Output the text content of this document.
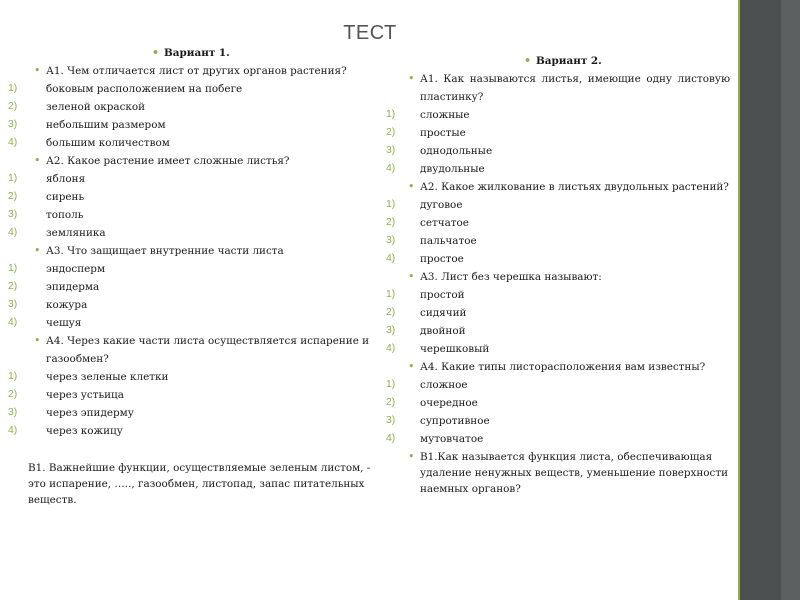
ТЕСТ
• Вариант 1.
• А1. Чем отличается лист от других органов растения?
1)	боковым расположением на побеге
2)	зеленой окраской
3)	небольшим размером
4)	большим количеством
• А2. Какое растение имеет сложные листья?
1)	яблоня
2)	сирень
3)	тополь
4)	земляника
• А3. Что защищает внутренние части листа
1)	эндосперм
2)	эпидерма
3)	кожура
4)	чешуя
• А4. Через какие части листа осуществляется испарение и газообмен?
1)	через зеленые клетки
2)	через устьица
3)	через эпидерму
4)	через кожицу
В1. Важнейшие функции, осуществляемые зеленым листом, - это испарение, ….., газообмен, листопад, запас питательных веществ.
• Вариант 2.
• А1. Как называются листья, имеющие одну листовую пластинку?
1) сложные
2) простые
3) однодольные
4) двудольные
• А2. Какое жилкование в листьях двудольных растений?
1) дуговое
2) сетчатое
3) пальчатое
4) простое
• А3. Лист без черешка называют:
1) простой
2) сидячий
3) двойной
4) черешковый
• А4. Какие типы листорасположения вам известны?
1) сложное
2) очередное
3) супротивное
4) мутовчатое
• В1.Как называется функция листа, обеспечивающая удаление ненужных веществ, уменьшение поверхности наемных органов?
